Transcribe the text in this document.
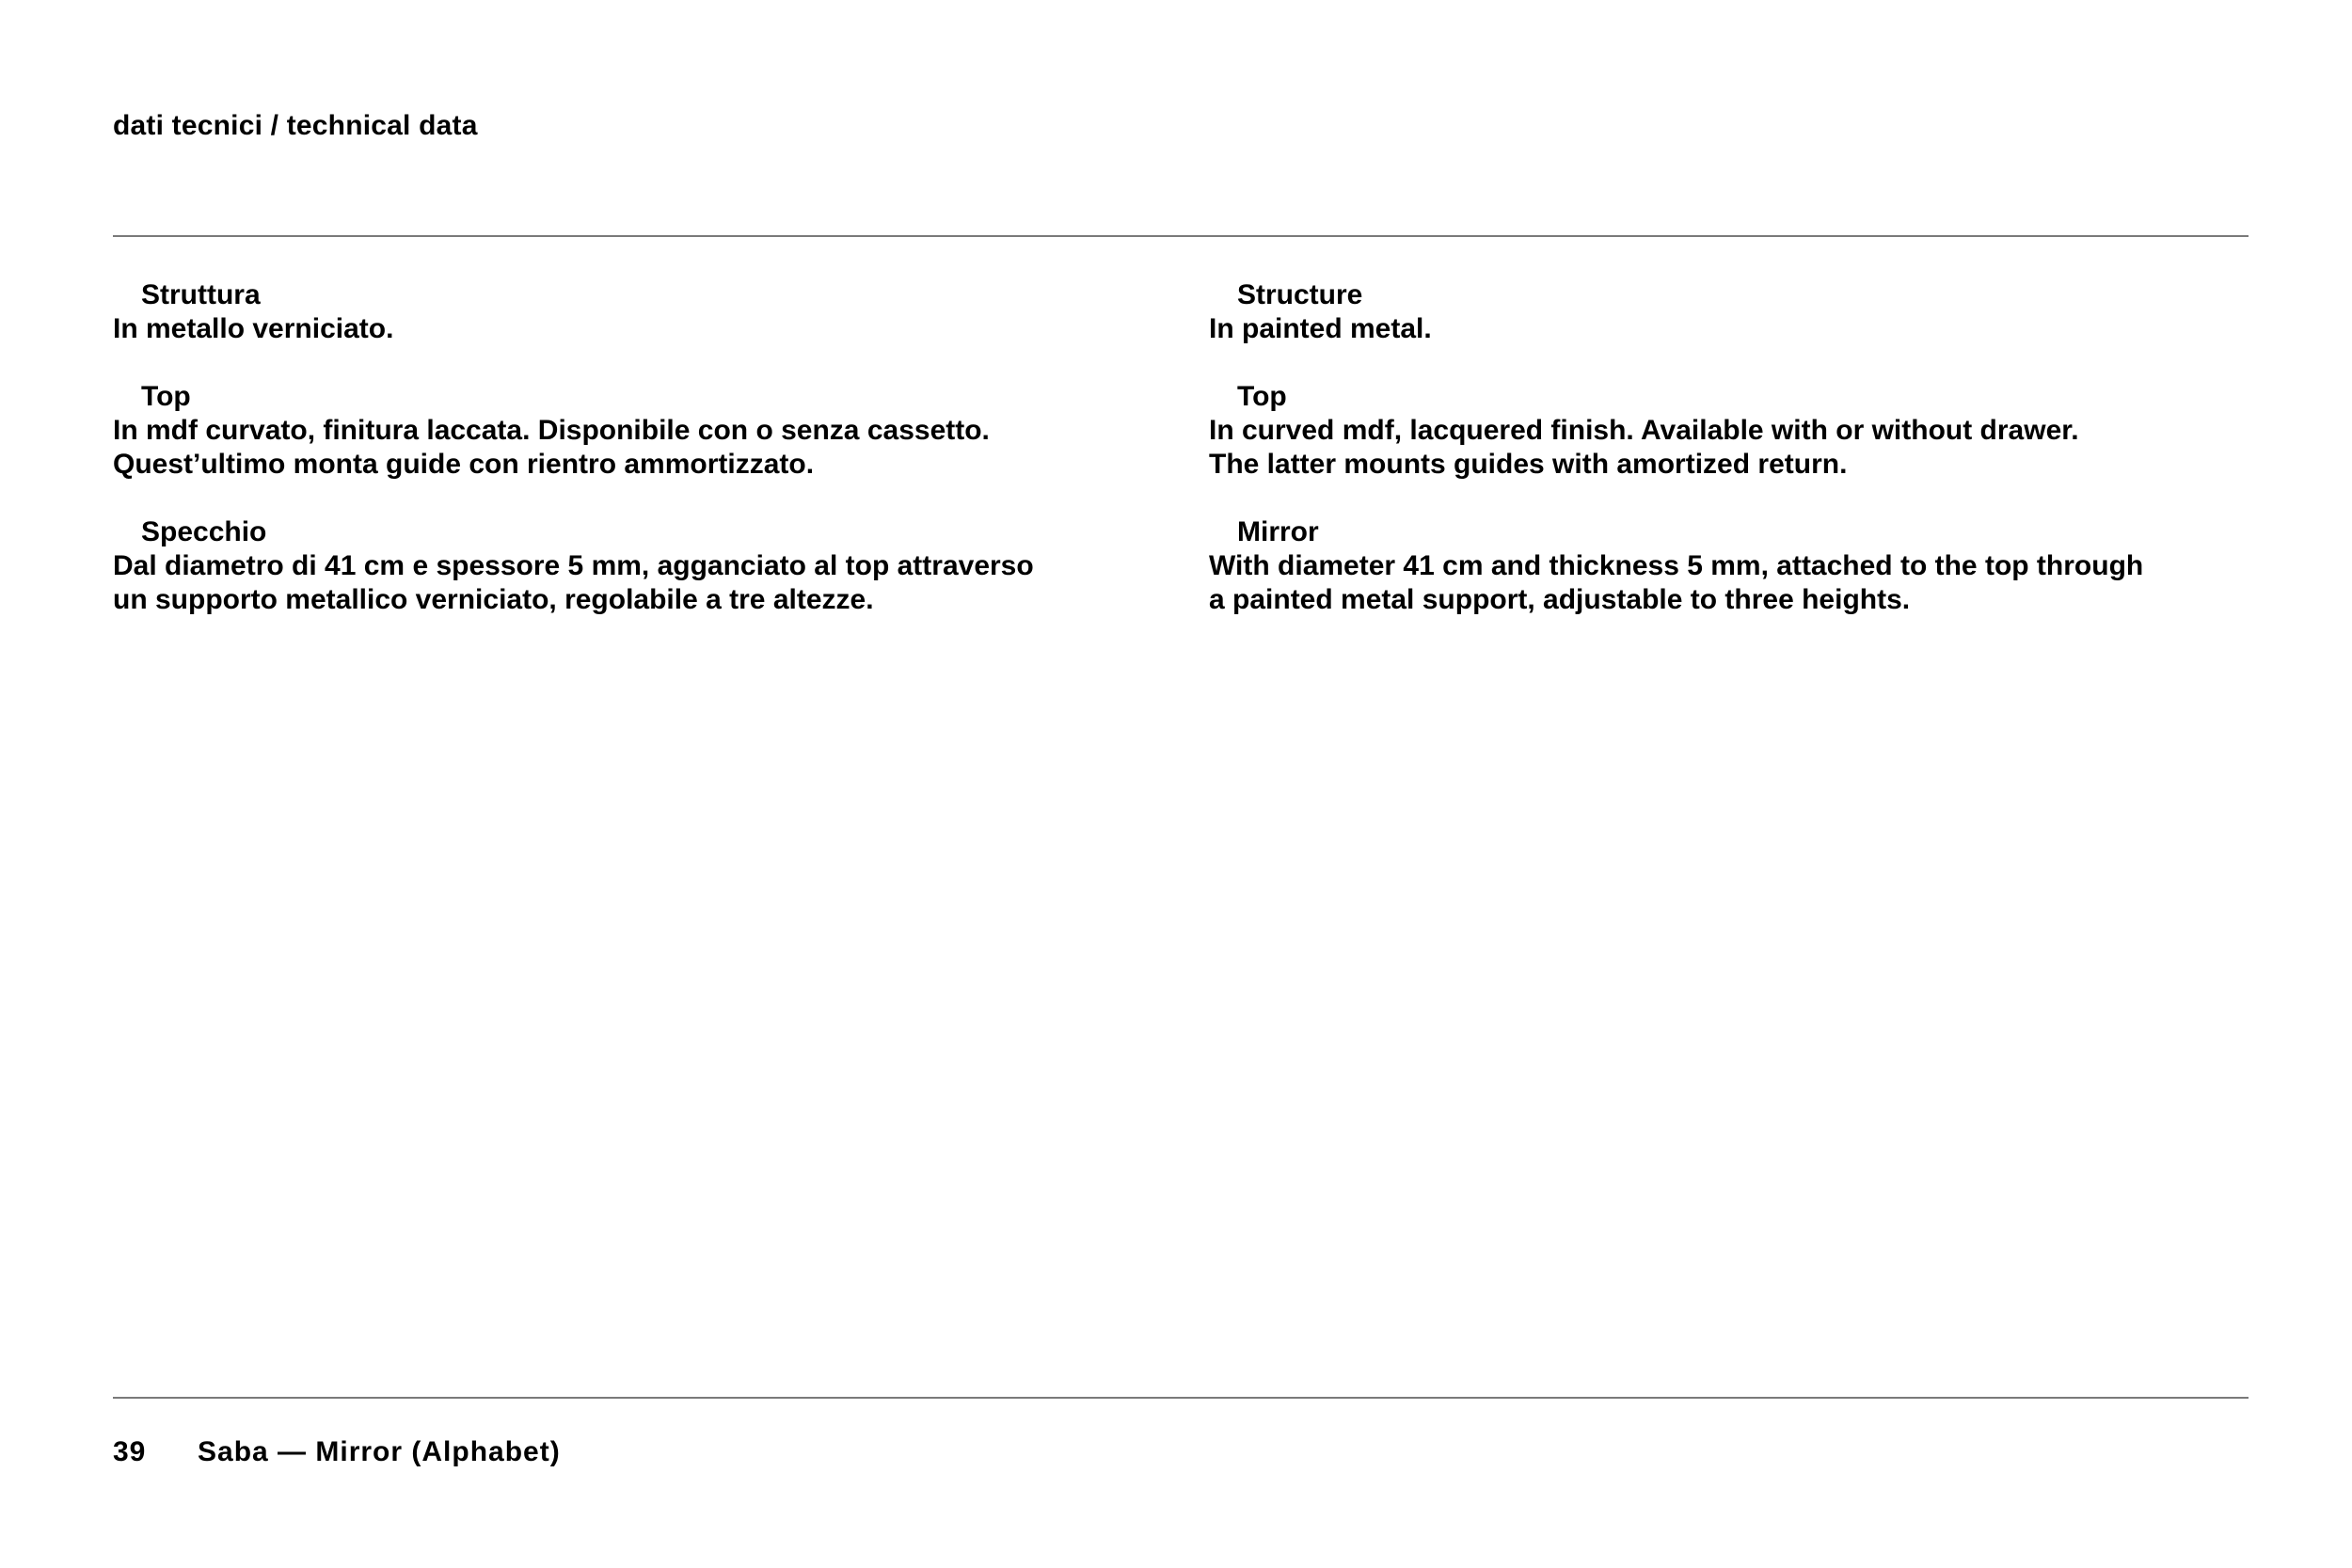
dati tecnici / technical data
Struttura
In metallo verniciato.
Top
In mdf curvato, finitura laccata. Disponibile con o senza cassetto.
Quest’ultimo monta guide con rientro ammortizzato.
Specchio
Dal diametro di 41 cm e spessore 5 mm, agganciato al top attraverso
un supporto metallico verniciato, regolabile a tre altezze.
Structure
In painted metal.
Top
In curved mdf, lacquered finish. Available with or without drawer.
The latter mounts guides with amortized return.
Mirror
With diameter 41 cm and thickness 5 mm, attached to the top through
a painted metal support, adjustable to three heights.
39 Saba — Mirror (Alphabet)
